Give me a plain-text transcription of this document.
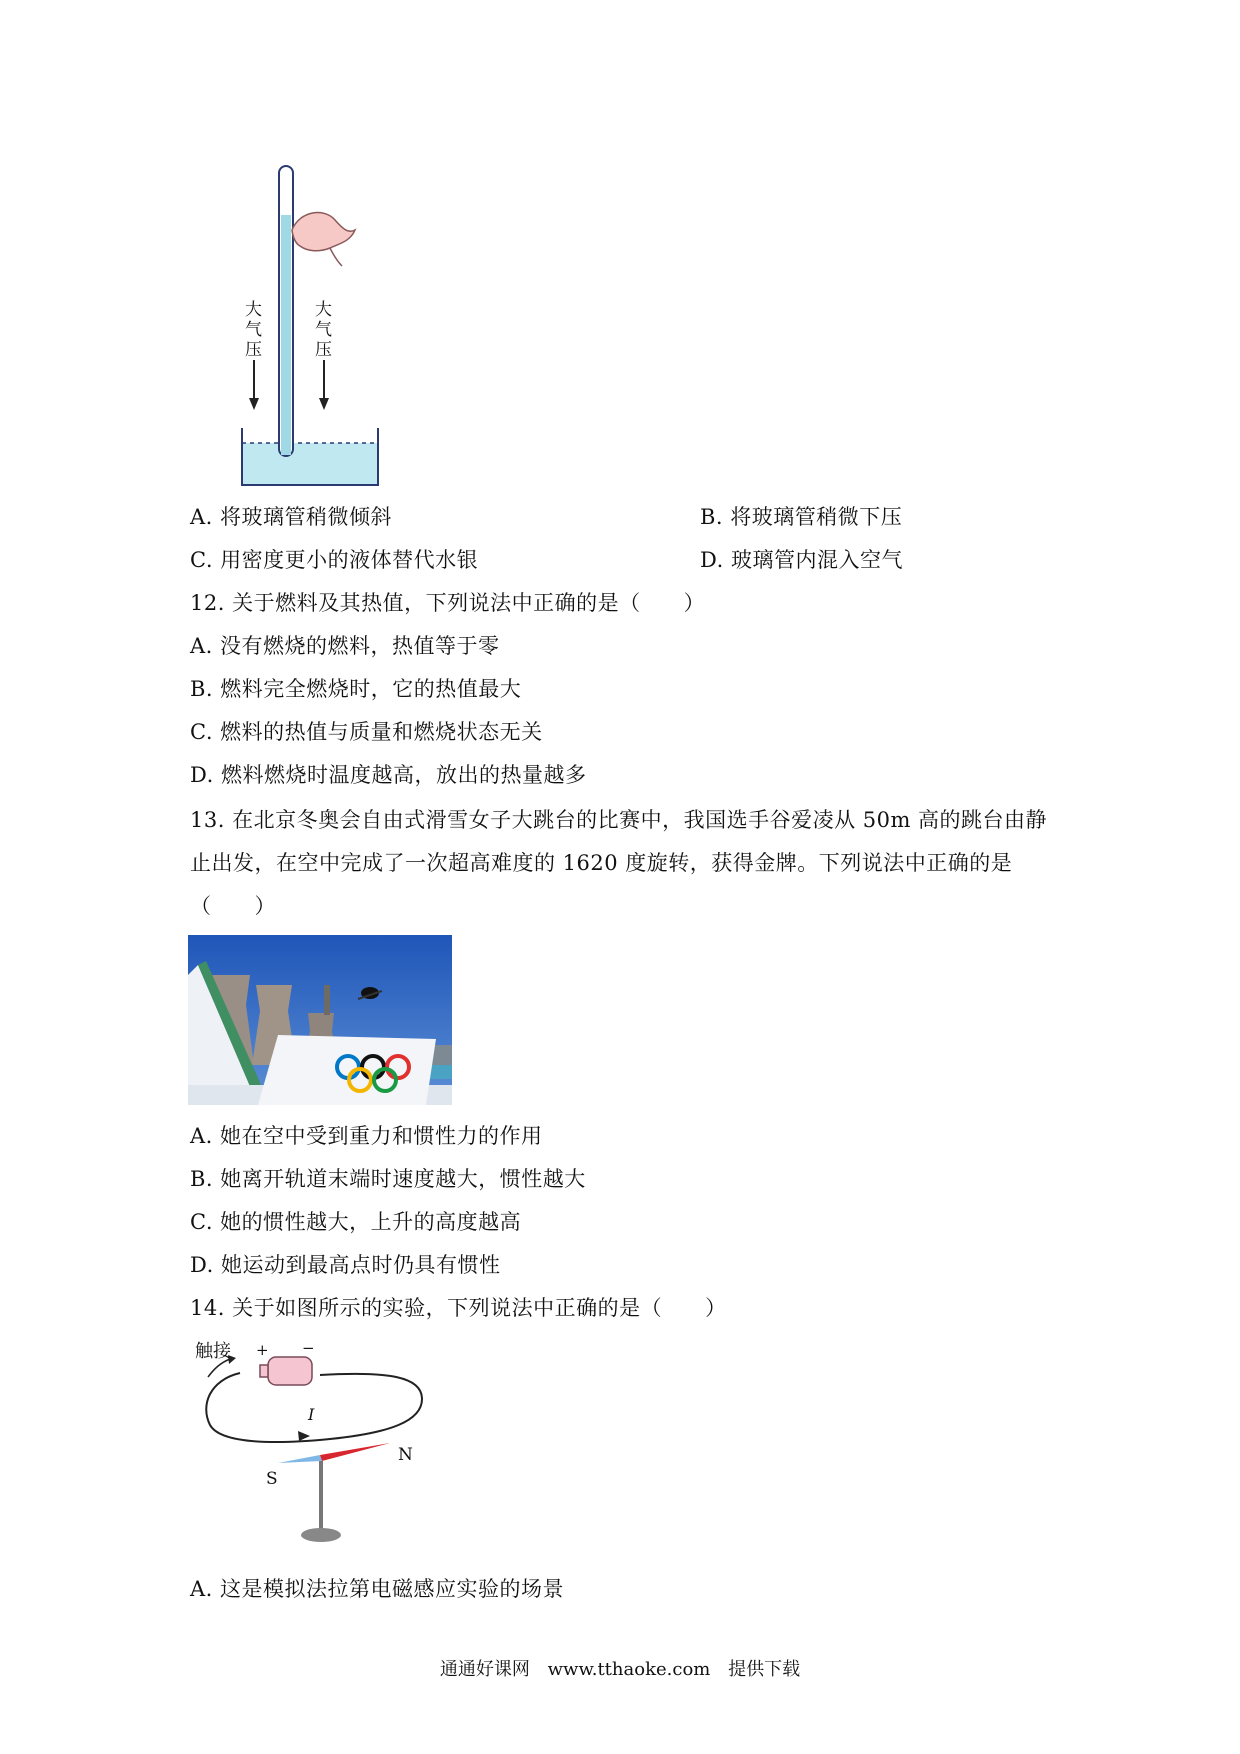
大气压
大气压
A. 将玻璃管稍微倾斜	B. 将玻璃管稍微下压
C. 用密度更小的液体替代水银	D. 玻璃管内混入空气
12. 关于燃料及其热值，下列说法中正确的是（　　）
A. 没有燃烧的燃料，热值等于零
B. 燃料完全燃烧时，它的热值最大
C. 燃料的热值与质量和燃烧状态无关
D. 燃料燃烧时温度越高，放出的热量越多
13. 在北京冬奥会自由式滑雪女子大跳台的比赛中，我国选手谷爱凌从 50m 高的跳台由静
止出发，在空中完成了一次超高难度的 1620 度旋转，获得金牌。下列说法中正确的是
（　　）
A. 她在空中受到重力和惯性力的作用
B. 她离开轨道末端时速度越大，惯性越大
C. 她的惯性越大，上升的高度越高
D. 她运动到最高点时仍具有惯性
14. 关于如图所示的实验，下列说法中正确的是（　　）
触接 + −
I
S
N
A. 这是模拟法拉第电磁感应实验的场景
通通好课网 www.tthaoke.com 提供下载
